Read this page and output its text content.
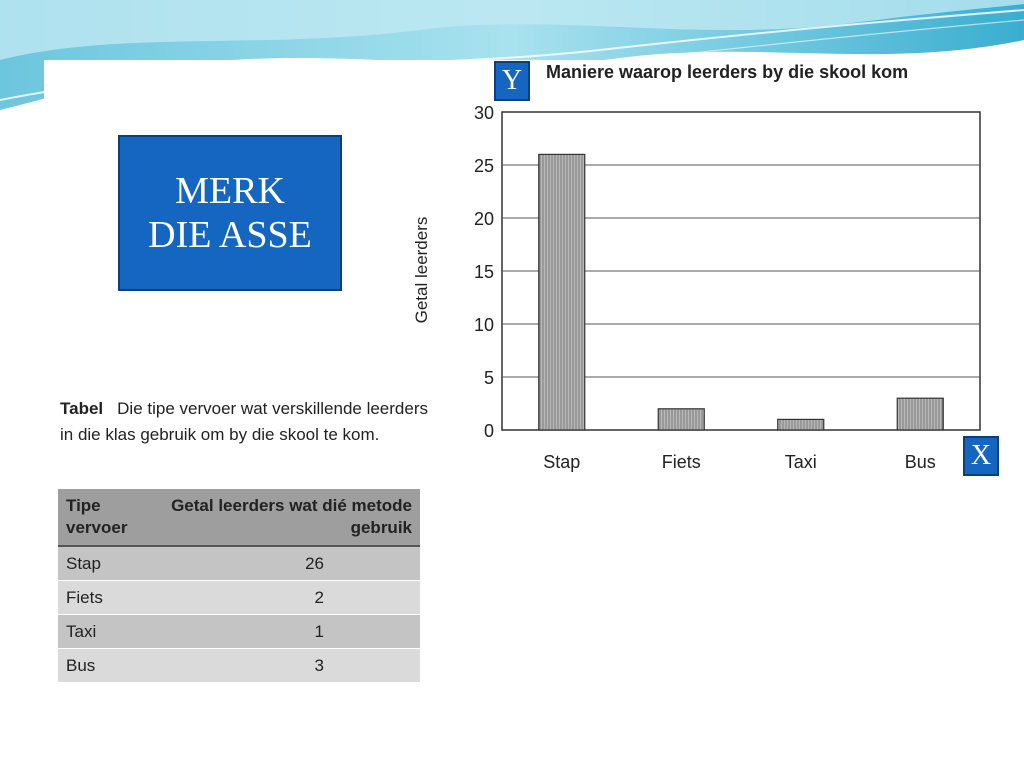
MERK
DIE ASSE
Y
X
Maniere waarop leerders by die skool kom
Getal leerders
0
5
10
15
20
25
30
Stap	Fiets	Taxi	Bus
Tabel Die tipe vervoer wat verskillende leerders in die klas gebruik om by die skool te kom.
Tipe vervoer	Getal leerders wat dié metode gebruik
Stap	26
Fiets	2
Taxi	1
Bus	3
